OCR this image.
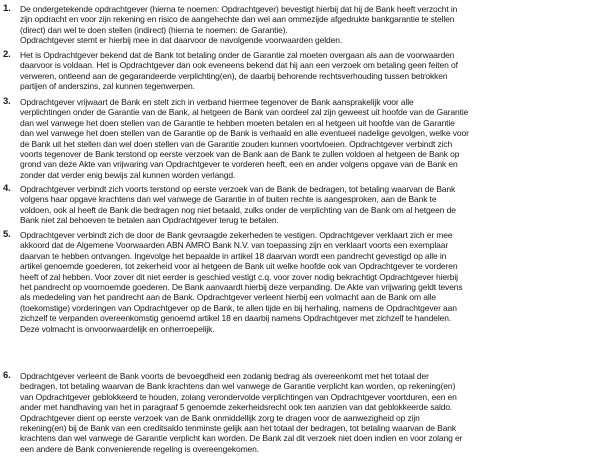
1. De ondergetekende opdrachtgever (hierna te noemen: Opdrachtgever) bevestigt hierbij dat hij de Bank heeft verzocht in
zijn opdracht en voor zijn rekening en risico de aangehechte dan wel aan ommezijde afgedrukte bankgarantie te stellen
(direct) dan wel te doen stellen (indirect) (hierna te noemen: de Garantie).
Opdrachtgever stemt er hierbij mee in dat daarvoor de navolgende voorwaarden gelden.
2. Het is Opdrachtgever bekend dat de Bank tot betaling onder de Garantie zal moeten overgaan als aan de voorwaarden
daarvoor is voldaan. Het is Opdrachtgever dan ook eveneens bekend dat hij aan een verzoek om betaling geen feiten of
verweren, ontleend aan de gegarandeerde verplichting(en), de daarbij behorende rechtsverhouding tussen betrokken
partijen of anderszins, zal kunnen tegenwerpen.
3. Opdrachtgever vrijwaart de Bank en stelt zich in verband hiermee tegenover de Bank aansprakelijk voor alle
verplichtingen onder de Garantie van de Bank, al hetgeen de Bank van oordeel zal zijn geweest uit hoofde van de Garantie
dan wel vanwege het doen stellen van de Garantie te hebben moeten betalen en al hetgeen uit hoofde van de Garantie
dan wel vanwege het doen stellen van de Garantie op de Bank is verhaald en alle eventueel nadelige gevolgen, welke voor
de Bank uit het stellen dan wel doen stellen van de Garantie zouden kunnen voortvloeien. Opdrachtgever verbindt zich
voorts tegenover de Bank terstond op eerste verzoek van de Bank aan de Bank te zullen voldoen al hetgeen de Bank op
grond van deze Akte van vrijwaring van Opdrachtgever te vorderen heeft, een en ander volgens opgave van de Bank en
zonder dat verder enig bewijs zal kunnen worden verlangd.
4. Opdrachtgever verbindt zich voorts terstond op eerste verzoek van de Bank de bedragen, tot betaling waarvan de Bank
volgens haar opgave krachtens dan wel vanwege de Garantie in of buiten rechte is aangesproken, aan de Bank te
voldoen, ook al heeft de Bank die bedragen nog niet betaald, zulks onder de verplichting van de Bank om al hetgeen de
Bank niet zal behoeven te betalen aan Opdrachtgever terug te betalen.
5. Opdrachtgever verbindt zich de door de Bank gevraagde zekerheden te vestigen. Opdrachtgever verklaart zich er mee
akkoord dat de Algemene Voorwaarden ABN AMRO Bank N.V. van toepassing zijn en verklaart voorts een exemplaar
daarvan te hebben ontvangen. Ingevolge het bepaalde in artikel 18 daarvan wordt een pandrecht gevestigd op alle in
artikel genoemde goederen, tot zekerheid voor al hetgeen de Bank uit welke hoofde ook van Opdrachtgever te vorderen
heeft of zal hebben. Voor zover dit niet eerder is geschied vestigt c.q. voor zover nodig bekrachtigt Opdrachtgever hierbij
het pandrecht op voornoemde goederen. De Bank aanvaardt hierbij deze verpanding. De Akte van vrijwaring geldt tevens
als mededeling van het pandrecht aan de Bank. Opdrachtgever verleent hierbij een volmacht aan de Bank om alle
(toekomstige) vorderingen van Opdrachtgever op de Bank, te allen tijde en bij herhaling, namens de Opdrachtgever aan
zichzelf te verpanden overeenkomstig genoemd artikel 18 en daarbij namens Opdrachtgever met zichzelf te handelen.
Deze volmacht is onvoorwaardelijk en onherroepelijk.
6. Opdrachtgever verleent de Bank voorts de bevoegdheid een zodanig bedrag als overeenkomt met het totaal der
bedragen, tot betaling waarvan de Bank krachtens dan wel vanwege de Garantie verplicht kan worden, op rekening(en)
van Opdrachtgever geblokkeerd te houden, zolang verondervolde verplichtingen van Opdrachtgever voortduren, een en
ander met handhaving van het in paragraaf 5 genoemde zekerheidsrecht ook ten aanzien van dat geblokkeerde saldo.
Opdrachtgever dient op eerste verzoek van de Bank onmiddellijk zorg te dragen voor de aanwezigheid op zijn
rekening(en) bij de Bank van een creditsaldo tenminste gelijk aan het totaal der bedragen, tot betaling waarvan de Bank
krachtens dan wel vanwege de Garantie verplicht kan worden. De Bank zal dit verzoek niet doen indien en voor zolang er
een andere de Bank convenierende regeling is overeengekomen.
